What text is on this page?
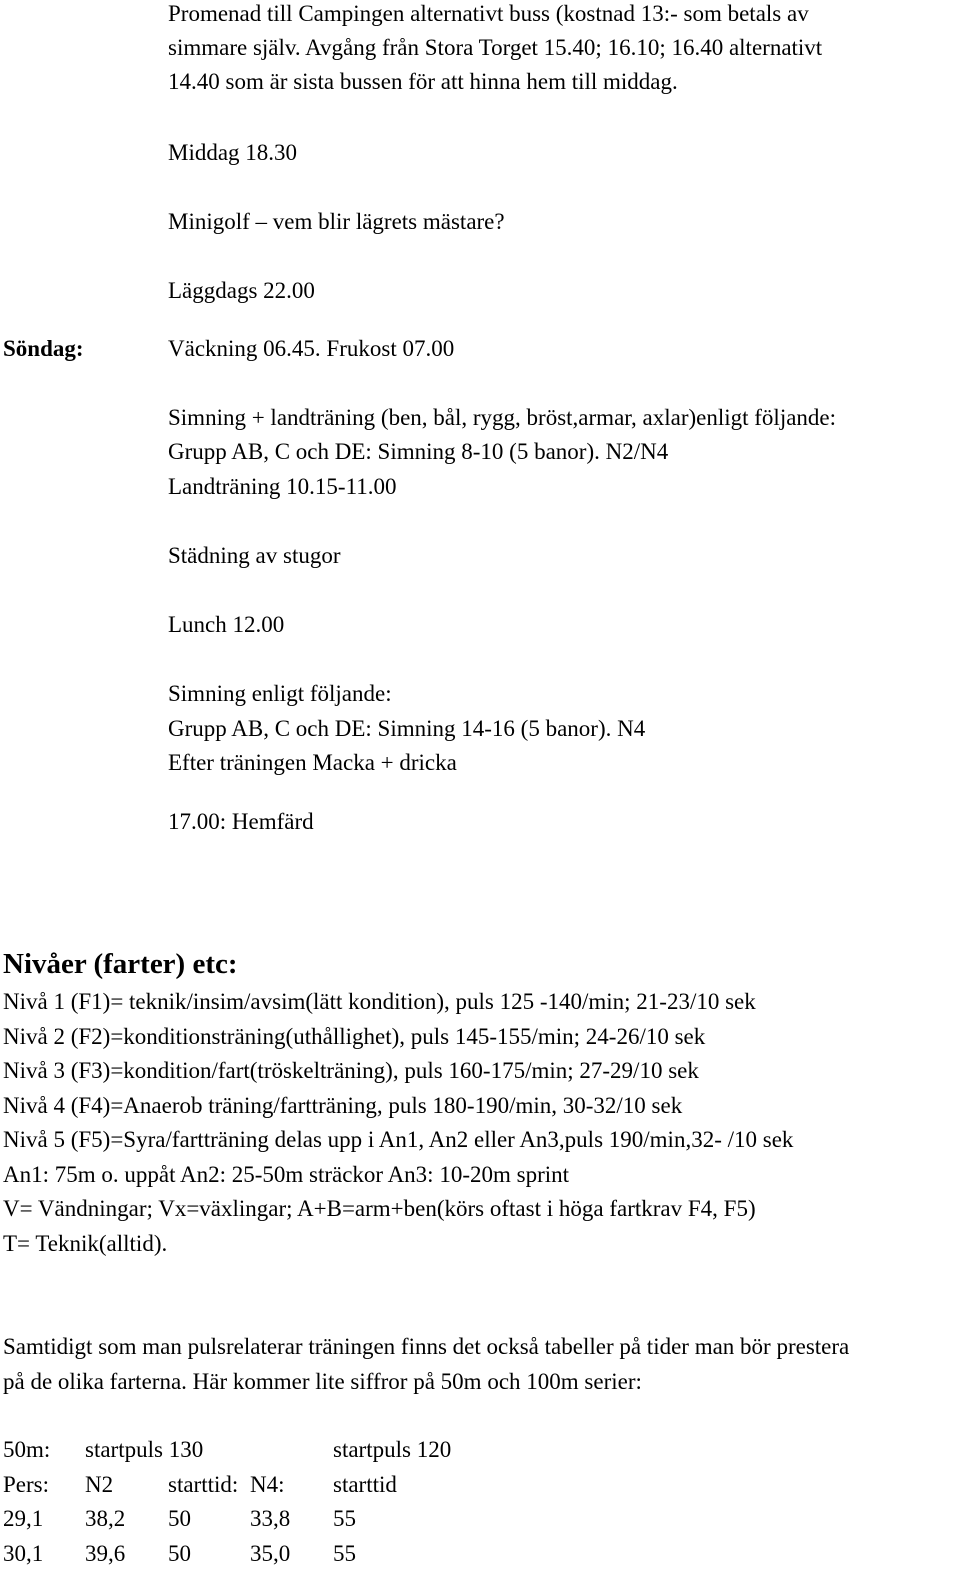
Promenad till Campingen alternativt buss (kostnad 13:- som betals av
simmare själv. Avgång från Stora Torget 15.40; 16.10; 16.40 alternativt
14.40 som är sista bussen för att hinna hem till middag.
Middag 18.30
Minigolf – vem blir lägrets mästare?
Läggdags 22.00
Söndag:	Väckning 06.45. Frukost 07.00
Simning + landträning (ben, bål, rygg, bröst,armar, axlar)enligt följande:
Grupp AB, C och DE: Simning 8-10 (5 banor). N2/N4
Landträning 10.15-11.00
Städning av stugor
Lunch 12.00
Simning enligt följande:
Grupp AB, C och DE: Simning 14-16 (5 banor). N4
Efter träningen Macka + dricka
17.00: Hemfärd
Nivåer (farter) etc:
Nivå 1 (F1)= teknik/insim/avsim(lätt kondition), puls 125 -140/min; 21-23/10 sek
Nivå 2 (F2)=konditionsträning(uthållighet), puls 145-155/min; 24-26/10 sek
Nivå 3 (F3)=kondition/fart(tröskelträning), puls 160-175/min; 27-29/10 sek
Nivå 4 (F4)=Anaerob träning/fartträning, puls 180-190/min, 30-32/10 sek
Nivå 5 (F5)=Syra/fartträning delas upp i An1, An2 eller An3,puls 190/min,32- /10 sek
An1: 75m o. uppåt An2: 25-50m sträckor An3: 10-20m sprint
V= Vändningar; Vx=växlingar; A+B=arm+ben(körs oftast i höga fartkrav F4, F5)
T= Teknik(alltid).
Samtidigt som man pulsrelaterar träningen finns det också tabeller på tider man bör prestera
på de olika farterna. Här kommer lite siffror på 50m och 100m serier:
50m: startpuls 130	startpuls 120
Pers: N2 starttid: N4: starttid
29,1 38,2 50	33,8 55
30,1 39,6 50	35,0 55
